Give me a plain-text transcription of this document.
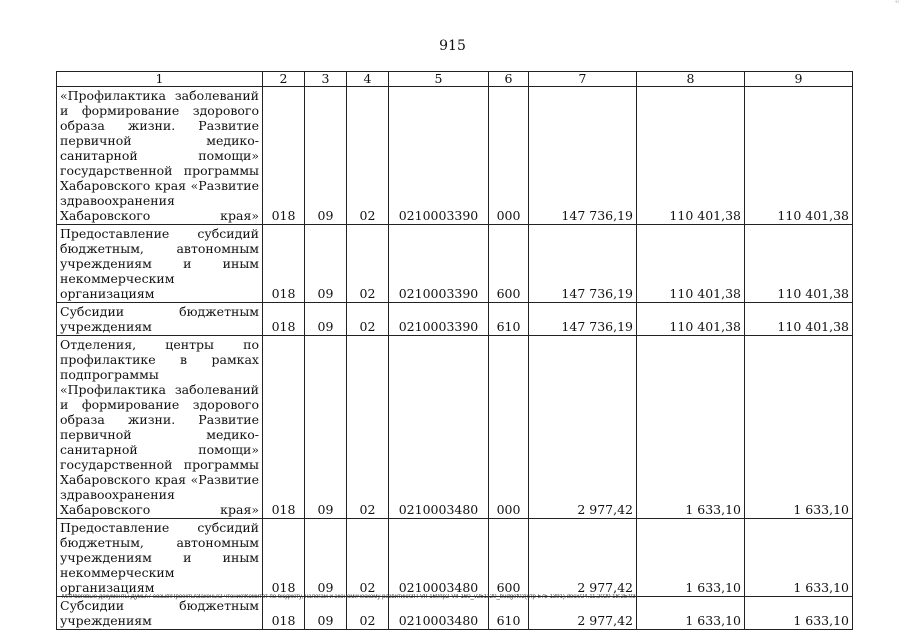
⁴³
915
1	2	3	4	5	6	7	8	9
«Профилактика заболеваний и формирование здорового образа жизни. Развитие первичной медико-санитарной помощи» государственной программы Хабаровского края «Развитие здравоохранения Хабаровского края»	018	09	02	0210003390	000	147 736,19	110 401,38	110 401,38
Предоставление субсидий бюджетным, автономным учреждениям и иным некоммерческим организациям	018	09	02	0210003390	600	147 736,19	110 401,38	110 401,38
Субсидии бюджетным учреждениям	018	09	02	0210003390	610	147 736,19	110 401,38	110 401,38
Отделения, центры по профилактике в рамках подпрограммы «Профилактика заболеваний и формирование здорового образа жизни. Развитие первичной медико-санитарной помощи» государственной программы Хабаровского края «Развитие здравоохранения Хабаровского края»	018	09	02	0210003480	000	2 977,42	1 633,10	1 633,10
Предоставление субсидий бюджетным, автономным учреждениям и иным некоммерческим организациям	018	09	02	0210003480	600	2 977,42	1 633,10	1 633,10
Субсидии бюджетным учреждениям	018	09	02	0210003480	610	2 977,42	1 633,10	1 633,10
M:\Рвоговые документы Думы\7 созыв\Проекты\Законы\2 чтение\Комитет по бюджету, налогам и экономическому развитию\3П-VII-160пр2-VII-160_v251120_budget02(стр 575-1391).docx/24.11.2020 18:25:03
